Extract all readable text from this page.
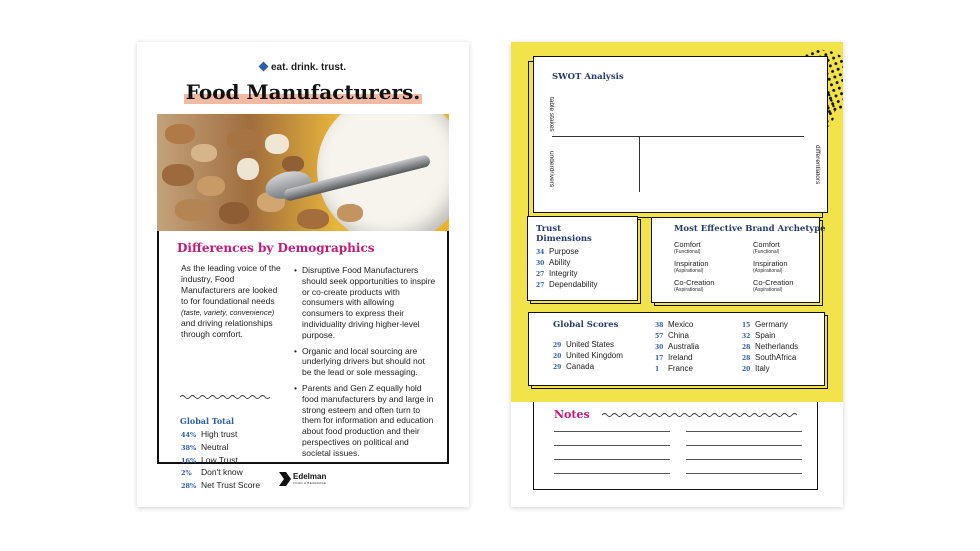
eat. drink. trust.
Food Manufacturers.
Differences by Demographics
As the leading voice of the industry, Food Manufacturers are looked to for foundational needs (taste, variety, convenience) and driving relationships through comfort.
Global Total
44% High trust
38% Neutral
16% Low Trust
2% Don't know
28% Net Trust Score
• Disruptive Food Manufacturers should seek opportunities to inspire or co-create products with consumers with allowing consumers to express their individuality driving higher-level purpose.
• Organic and local sourcing are underlying drivers but should not be the lead or sole messaging.
• Parents and Gen Z equally hold food manufacturers by and large in strong esteem and often turn to them for information and education about food production and their perspectives on political and societal issues.
Edelman
FOOD & BEVERAGE
SWOT Analysis
table stakes
underdrivers	differentiators
Trust Dimensions
34 Purpose
30 Ability
27 Integrity
27 Dependability
Most Effective Brand Archetype
Comfort
(Functional)
Comfort
(Functional)
Inspiration
(Aspirational)
Inspiration
(Aspirational)
Co-Creation
(Aspirational)
Co-Creation
(Aspirational)
Global Scores
29 United States
20 United Kingdom
29 Canada
38 Mexico
57 China
30 Australia
17 Ireland
1 France
15 Germany
32 Spain
28 Netherlands
28 SouthAfrica
20 Italy
Notes
